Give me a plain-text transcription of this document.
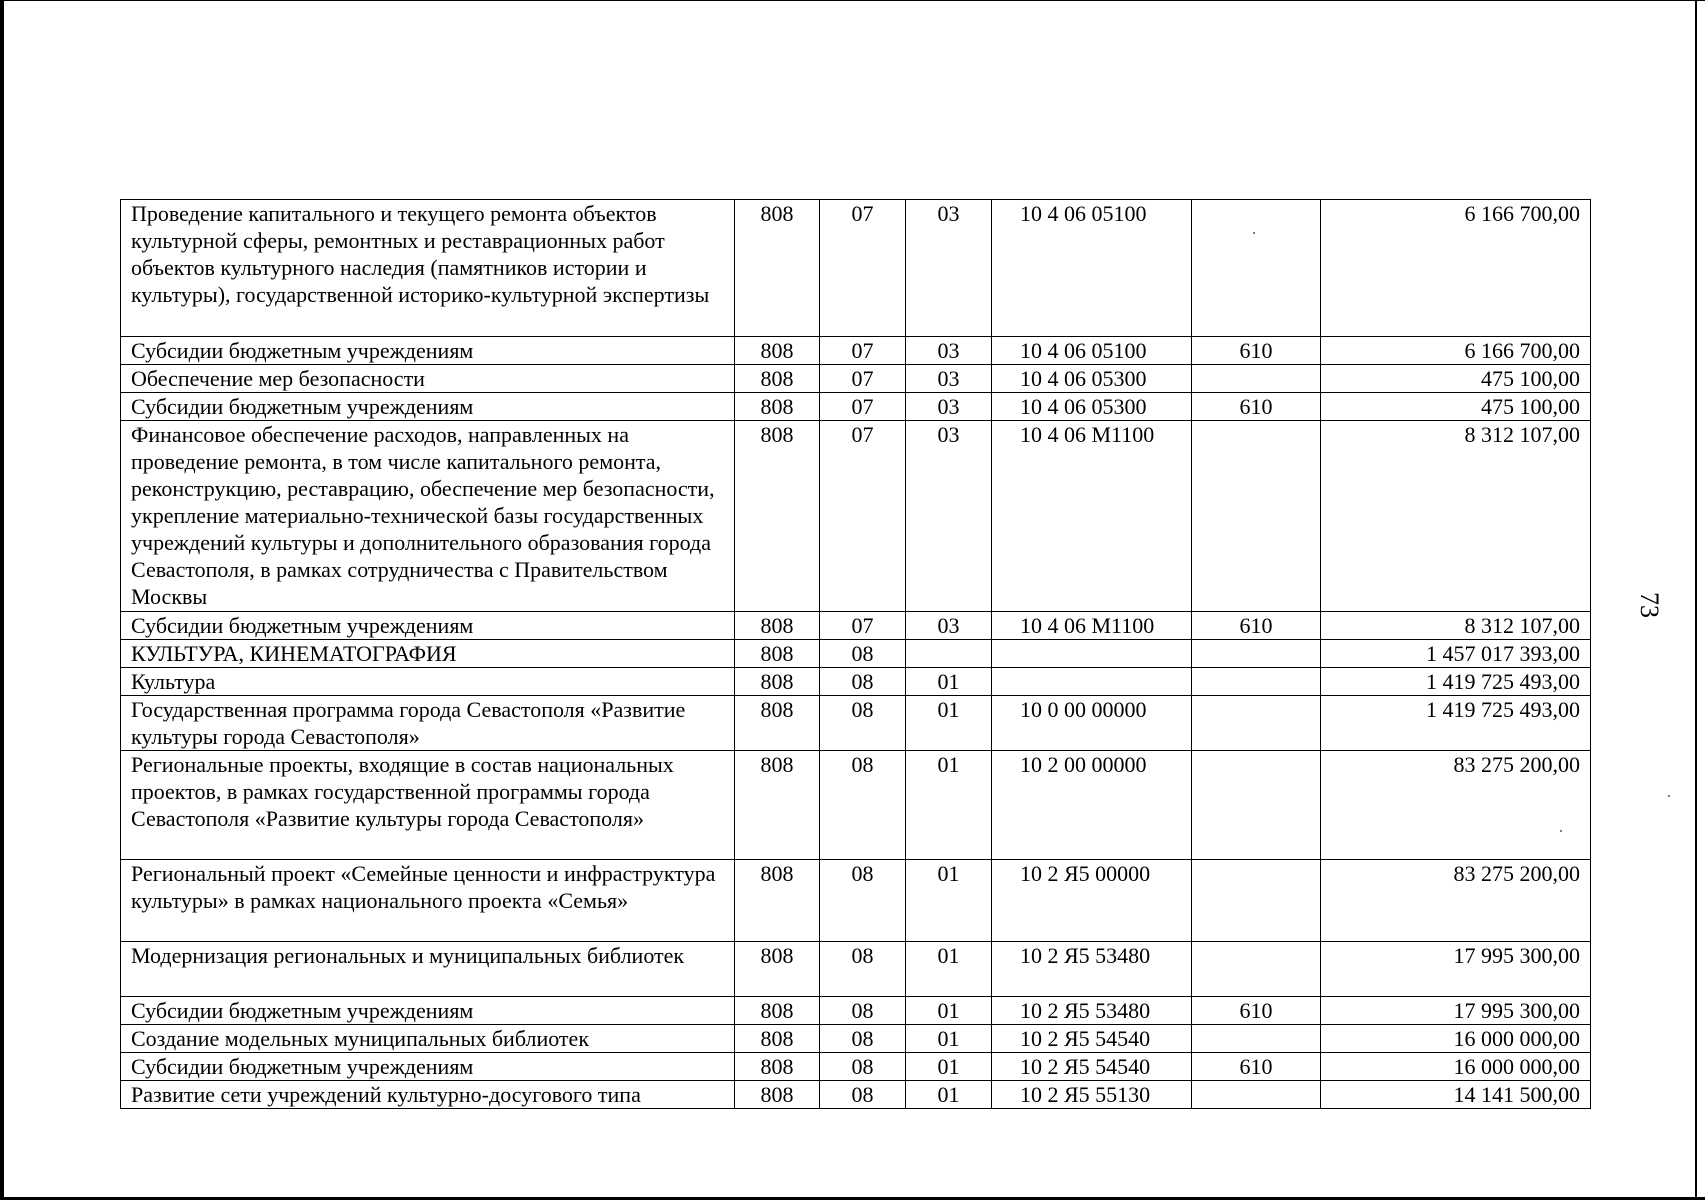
Проведение капитального и текущего ремонта объектов культурной сферы, ремонтных и реставрационных работ объектов культурного наследия (памятников истории и культуры), государственной историко-культурной экспертизы	808	07	03	10 4 06 05100		6 166 700,00
Субсидии бюджетным учреждениям	808	07	03	10 4 06 05100	610	6 166 700,00
Обеспечение мер безопасности	808	07	03	10 4 06 05300		475 100,00
Субсидии бюджетным учреждениям	808	07	03	10 4 06 05300	610	475 100,00
Финансовое обеспечение расходов, направленных на проведение ремонта, в том числе капитального ремонта, реконструкцию, реставрацию, обеспечение мер безопасности, укрепление материально-технической базы государственных учреждений культуры и дополнительного образования города Севастополя, в рамках сотрудничества с Правительством Москвы	808	07	03	10 4 06 М1100		8 312 107,00
Субсидии бюджетным учреждениям	808	07	03	10 4 06 М1100	610	8 312 107,00
КУЛЬТУРА, КИНЕМАТОГРАФИЯ	808	08				1 457 017 393,00
Культура	808	08	01			1 419 725 493,00
Государственная программа города Севастополя «Развитие культуры города Севастополя»	808	08	01	10 0 00 00000		1 419 725 493,00
Региональные проекты, входящие в состав национальных проектов, в рамках государственной программы города Севастополя «Развитие культуры города Севастополя»	808	08	01	10 2 00 00000		83 275 200,00
Региональный проект «Семейные ценности и инфраструктура культуры» в рамках национального проекта «Семья»	808	08	01	10 2 Я5 00000		83 275 200,00
Модернизация региональных и муниципальных библиотек	808	08	01	10 2 Я5 53480		17 995 300,00
Субсидии бюджетным учреждениям	808	08	01	10 2 Я5 53480	610	17 995 300,00
Создание модельных муниципальных библиотек	808	08	01	10 2 Я5 54540		16 000 000,00
Субсидии бюджетным учреждениям	808	08	01	10 2 Я5 54540	610	16 000 000,00
Развитие сети учреждений культурно-досугового типа	808	08	01	10 2 Я5 55130		14 141 500,00
73
